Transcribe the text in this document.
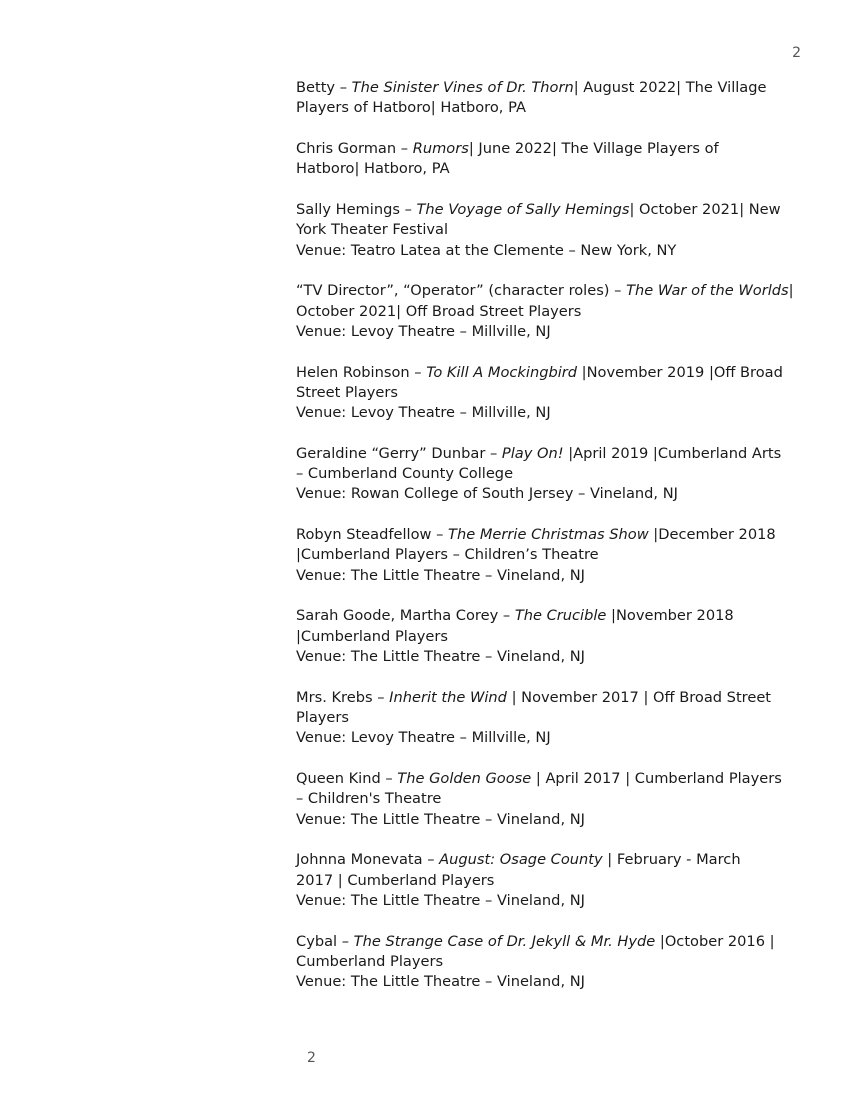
2
Betty – The Sinister Vines of Dr. Thorn| August 2022| The Village
Players of Hatboro| Hatboro, PA
Chris Gorman – Rumors| June 2022| The Village Players of
Hatboro| Hatboro, PA
Sally Hemings – The Voyage of Sally Hemings| October 2021| New
York Theater Festival
Venue: Teatro Latea at the Clemente – New York, NY
“TV Director”, “Operator” (character roles) – The War of the Worlds|
October 2021| Off Broad Street Players
Venue: Levoy Theatre – Millville, NJ
Helen Robinson – To Kill A Mockingbird |November 2019 |Off Broad
Street Players
Venue: Levoy Theatre – Millville, NJ
Geraldine “Gerry” Dunbar – Play On! |April 2019 |Cumberland Arts
– Cumberland County College
Venue: Rowan College of South Jersey – Vineland, NJ
Robyn Steadfellow – The Merrie Christmas Show |December 2018
|Cumberland Players – Children’s Theatre
Venue: The Little Theatre – Vineland, NJ
Sarah Goode, Martha Corey – The Crucible |November 2018
|Cumberland Players
Venue: The Little Theatre – Vineland, NJ
Mrs. Krebs – Inherit the Wind | November 2017 | Off Broad Street
Players
Venue: Levoy Theatre – Millville, NJ
Queen Kind – The Golden Goose | April 2017 | Cumberland Players
– Children's Theatre
Venue: The Little Theatre – Vineland, NJ
Johnna Monevata – August: Osage County | February - March
2017 | Cumberland Players
Venue: The Little Theatre – Vineland, NJ
Cybal – The Strange Case of Dr. Jekyll & Mr. Hyde |October 2016 |
Cumberland Players
Venue: The Little Theatre – Vineland, NJ
2
